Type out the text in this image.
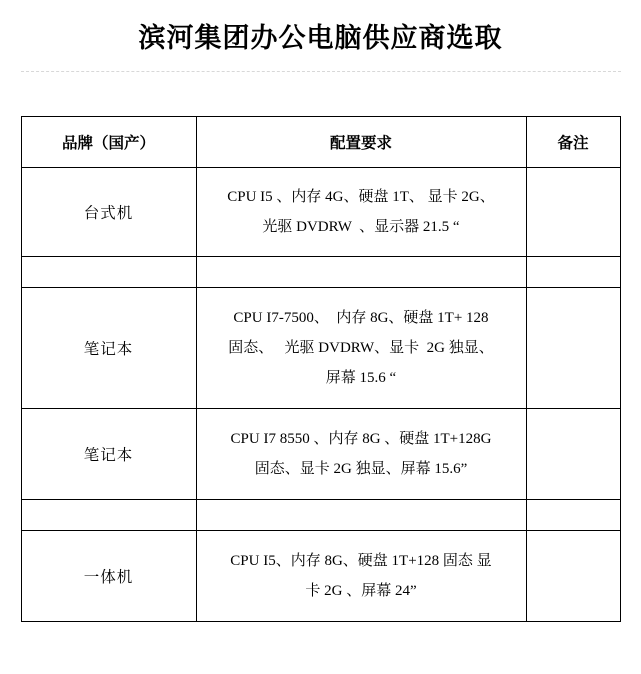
滨河集团办公电脑供应商选取
品牌（国产）	配置要求	备注
台式机	CPU I5 、内存 4G、硬盘 1T、 显卡 2G、
光驱 DVDRW  、显示器 21.5 “	

笔记本	CPU I7-7500、  内存 8G、硬盘 1T+ 128
固态、   光驱 DVDRW、显卡  2G 独显、
屏幕 15.6 “	

笔记本	CPU I7 8550 、内存 8G 、硬盘 1T+128G
固态、显卡 2G 独显、屏幕 15.6”	

一体机	CPU I5、内存 8G、硬盘 1T+128 固态 显
卡 2G 、屏幕 24”	
